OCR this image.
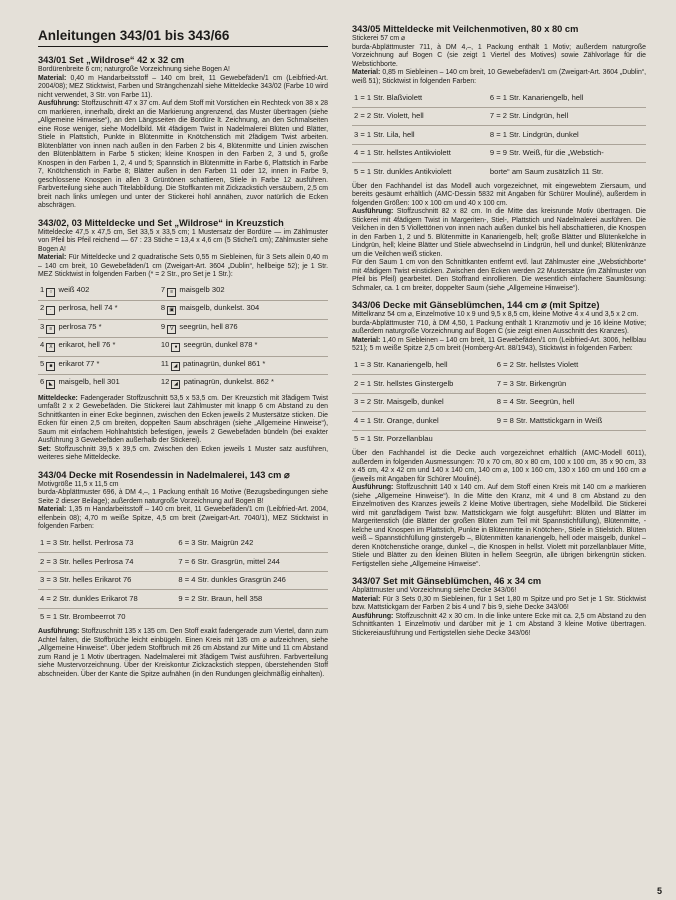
Anleitungen 343/01 bis 343/66
343/01 Set „Wildrose“ 42 x 32 cm

Bordürenbreite 6 cm; naturgroße Vorzeichnung siehe Bogen A!

Material: 0,40 m Handarbeitsstoff – 140 cm breit, 11 Gewebefäden/1 cm (Leibfried-Art. 2004/08); MEZ Sticktwist, Farben und Strängchenzahl siehe Mitteldecke 343/02 (Farbe 10 wird nicht verwendet, 3 Str. von Farbe 11).

Ausführung: Stoffzuschnitt 47 x 37 cm. Auf dem Stoff mit Vorstichen ein Rechteck von 38 x 28 cm markieren, innerhalb, direkt an die Markierung angrenzend, das Muster übertragen (siehe „Allgemeine Hinweise“), an den Längsseiten die Bordüre lt. Zeichnung, an den Schmalseiten eine Rose weniger, siehe Modellbild. Mit 4fädigem Twist in Nadelmalerei Blüten und Blätter, Stiele in Plattstich, Punkte in Blütenmitte in Knötchenstich mit 2fädigem Twist arbeiten. Blütenblätter von innen nach außen in den Farben 2 bis 4, Blütenmitte und Linien zwischen den Blütenblättern in Farbe 5 sticken; kleine Knospen in den Farben 2, 3 und 5, große Knospen in den Farben 1, 2, 4 und 5; Spannstich in Blütenmitte in Farbe 6, Plattstich in Farbe 7, Knötchenstich in Farbe 8; Blätter außen in den Farben 11 oder 12, innen in Farbe 9, geschlossene Knospen in allen 3 Grüntönen schattieren, Stiele in Farbe 12 ausführen. Farbverteilung siehe auch Titelabbildung. Die Stoffkanten mit Zickzackstich versäubern, 2,5 cm breit nach links umlegen und unter der Stickerei hohl annähen, zuvor natürlich die Ecken abschrägen.

343/02, 03 Mitteldecke und Set „Wildrose“ in Kreuzstich

Mitteldecke 47,5 x 47,5 cm, Set 33,5 x 33,5 cm; 1 Mustersatz der Bordüre — im Zählmuster von Pfeil bis Pfeil reichend — 67 : 23 Stiche = 13,4 x 4,6 cm (5 Stiche/1 cm); Zählmuster siehe Bogen A!

Material: Für Mitteldecke und 2 quadratische Sets 0,55 m Siebleinen, für 3 Sets allein 0,40 m – 140 cm breit, 10 Gewebefäden/1 cm (Zweigart-Art. 3604 „Dublin“, hellbeige 52); je 1 Str. MEZ Sticktwist in folgenden Farben (* = 2 Str., pro Set je 1 Str.):

1 ○ weiß 402	7 ≡ maisgelb 302
2 · perlrosa, hell 74 *	8 ▣ maisgelb, dunkelst. 304
3 ≡ perlrosa 75 *	9 V seegrün, hell 876
4 X erikarot, hell 76 *	10 ● seegrün, dunkel 878 *
5 ■ erikarot 77 *	11 ◢ patinagrün, dunkel 861 *
6 ◣ maisgelb, hell 301	12 ◢ patinagrün, dunkelst. 862 *

Mitteldecke: Fadengerader Stoffzuschnitt 53,5 x 53,5 cm. Der Kreuzstich mit 3fädigem Twist umfaßt 2 x 2 Gewebefäden. Die Stickerei laut Zählmuster mit knapp 6 cm Abstand zu den Schnittkanten in einer Ecke beginnen, zwischen den Ecken jeweils 2 Mustersätze sticken. Die Ecken für einen 2,5 cm breiten, doppelten Saum abschrägen (siehe „Allgemeine Hinweise“), Saum mit einfachem Hohlnahtstich befestigen, jeweils 2 Gewebefäden bündeln (bei exakter Ausführung 3 Gewebefäden außerhalb der Stickerei).

Set: Stoffzuschnitt 39,5 x 39,5 cm. Zwischen den Ecken jeweils 1 Muster satz ausführen, weiteres siehe Mitteldecke.

343/04 Decke mit Rosendessin in Nadelmalerei, 143 cm ⌀

Motivgröße 11,5 x 11,5 cm
burda-Abplättmuster 696, à DM 4,–, 1 Packung enthält 16 Motive (Bezugsbedingungen siehe Seite 2 dieser Beilage); außerdem naturgroße Vorzeichnung auf Bogen B!

Material: 1,35 m Handarbeitsstoff – 140 cm breit, 11 Gewebefäden/1 cm (Leibfried-Art. 2004, elfenbein 08); 4,70 m weiße Spitze, 4,5 cm breit (Zweigart-Art. 7040/1), MEZ Sticktwist in folgenden Farben:

1 = 3 Str. hellst. Perlrosa 73	6 = 3 Str. Maigrün 242
2 = 3 Str. helles Perlrosa 74	7 = 6 Str. Grasgrün, mittel 244
3 = 3 Str. helles Erikarot 76	8 = 4 Str. dunkles Grasgrün 246
4 = 2 Str. dunkles Erikarot 78	9 = 2 Str. Braun, hell 358
5 = 1 Str. Brombeerrot 70	

Ausführung: Stoffzuschnitt 135 x 135 cm. Den Stoff exakt fadengerade zum Viertel, dann zum Achtel falten, die Stoffbrüche leicht einbügeln. Einen Kreis mit 135 cm ⌀ aufzeichnen, siehe „Allgemeine Hinweise“. Über jedem Stoffbruch mit 26 cm Abstand zur Mitte und 11 cm Abstand zum Rand je 1 Motiv übertragen. Nadelmalerei mit 3fädigem Twist ausführen. Farbverteilung siehe Mustervorzeichnung. Über der Kreiskontur Zickzackstich steppen, überstehenden Stoff abschneiden. Über der Kante die Spitze aufnähen (in den Rundungen gleichmäßig einhalten).

343/05 Mitteldecke mit Veilchenmotiven, 80 x 80 cm

Stickerei 57 cm ⌀
burda-Abplättmuster 711, à DM 4,–, 1 Packung enthält 1 Motiv; außerdem naturgroße Vorzeichnung auf Bogen C (sie zeigt 1 Viertel des Motives) sowie Zählvorlage für die Webstichborte.

Material: 0,85 m Siebleinen – 140 cm breit, 10 Gewebefäden/1 cm (Zweigart-Art. 3604 „Dublin“, weiß 51); Sticktwist in folgenden Farben:

1 = 1 Str. Blaßviolett	6 = 1 Str. Kanariengelb, hell
2 = 2 Str. Violett, hell	7 = 2 Str. Lindgrün, hell
3 = 1 Str. Lila, hell	8 = 1 Str. Lindgrün, dunkel
4 = 1 Str. hellstes Antikviolett	9 = 9 Str. Weiß, für die „Webstich-
5 = 1 Str. dunkles Antikviolett	borte“ am Saum zusätzlich 11 Str.

Über den Fachhandel ist das Modell auch vorgezeichnet, mit eingewebtem Ziersaum, und bereits gesäumt erhältlich (AMC-Dessin 5832 mit Angaben für Schürer Mouliné), außerdem in folgenden Größen: 100 x 100 cm und 40 x 100 cm.

Ausführung: Stoffzuschnitt 82 x 82 cm. In die Mitte das kreisrunde Motiv übertragen. Die Stickerei mit 4fädigem Twist in Margeriten-, Stiel-, Plattstich und Nadelmalerei ausführen. Die Veilchen in den 5 Viollettönen von innen nach außen dunkel bis hell abschattieren, die Knospen in den Farben 1, 2 und 5. Blütenmitte in Kanariengelb, hell; große Blätter und Blütenkelche in Lindgrün, hell; kleine Blätter und Stiele abwechselnd in Lindgrün, hell und dunkel; Blütenkränze um die Veilchen weiß sticken.

Für den Saum 1 cm von den Schnittkanten entfernt evtl. laut Zählmuster eine „Webstichborte“ mit 4fädigem Twist einsticken. Zwischen den Ecken werden 22 Mustersätze (im Zählmuster von Pfeil bis Pfeil) gearbeitet. Den Stoffrand einrollieren. Die wesentlich einfachere Saumlösung: Schmaler, ca. 1 cm breiter, doppelter Saum (siehe „Allgemeine Hinweise“).

343/06 Decke mit Gänseblümchen, 144 cm ⌀ (mit Spitze)

Mittelkranz 54 cm ⌀, Einzelmotive 10 x 9 und 9,5 x 8,5 cm, kleine Motive 4 x 4 und 3,5 x 2 cm.
burda-Abplättmuster 710, à DM 4,50, 1 Packung enthält 1 Kranzmotiv und je 16 kleine Motive; außerdem naturgroße Vorzeichnung auf Bogen C (sie zeigt einen Ausschnitt des Kranzes).

Material: 1,40 m Siebleinen – 140 cm breit, 11 Gewebefäden/1 cm (Leibfried-Art. 3006, hellblau 521); 5 m weiße Spitze 2,5 cm breit (Homberg-Art. 88/1943), Sticktwist in folgenden Farben:

1 = 3 Str. Kanariengelb, hell	6 = 2 Str. hellstes Violett
2 = 1 Str. hellstes Ginstergelb	7 = 3 Str. Birkengrün
3 = 2 Str. Maisgelb, dunkel	8 = 4 Str. Seegrün, hell
4 = 1 Str. Orange, dunkel	9 = 8 Str. Mattstickgarn in Weiß
5 = 1 Str. Porzellanblau	

Über den Fachhandel ist die Decke auch vorgezeichnet erhältlich (AMC-Modell 6011), außerdem in folgenden Ausmessungen: 70 x 70 cm, 80 x 80 cm, 100 x 100 cm, 35 x 90 cm, 33 x 45 cm, 42 x 42 cm und 140 x 140 cm, 140 cm ⌀, 100 x 160 cm, 130 x 160 cm und 160 cm ⌀ (jeweils mit Angaben für Schürer Mouliné).

Ausführung: Stoffzuschnitt 140 x 140 cm. Auf dem Stoff einen Kreis mit 140 cm ⌀ markieren (siehe „Allgemeine Hinweise“). In die Mitte den Kranz, mit 4 und 8 cm Abstand zu den Einzelmotiven des Kranzes jeweils 2 kleine Motive übertragen, siehe Modellbild. Die Stickerei wird mit ganzfädigem Twist bzw. Mattstickgarn wie folgt ausgeführt: Blüten und Blätter im Margeritenstich (die Blätter der großen Blüten zum Teil mit Spannstichfüllung), Blütenmitte, -kelche und Knospen im Plattstich, Punkte in Blütenmitte in Knötchen-, Stiele in Stielstich. Blüten weiß – Spannstichfüllung ginstergelb –, Blütenmitten kanariengelb, hell oder maisgelb, dunkel – deren Knötchenstiche orange, dunkel –, die Knospen in hellst. Violett mit porzellanblauer Mitte, Stiele und Blätter zu den kleinen Blüten in hellem Seegrün, alle übrigen birkengrün sticken. Fertigstellen siehe „Allgemeine Hinweise“.

343/07 Set mit Gänseblümchen, 46 x 34 cm

Abplättmuster und Vorzeichnung siehe Decke 343/06!

Material: Für 3 Sets 0,30 m Siebleinen, für 1 Set 1,80 m Spitze und pro Set je 1 Str. Sticktwist bzw. Mattstickgarn der Farben 2 bis 4 und 7 bis 9, siehe Decke 343/06!

Ausführung: Stoffzuschnitt 42 x 30 cm. In die linke untere Ecke mit ca. 2,5 cm Abstand zu den Schnittkanten 1 Einzelmotiv und darüber mit je 1 cm Abstand 3 kleine Motive übertragen. Stickereiausführung und Fertigstellen siehe Decke 343/06!

5
